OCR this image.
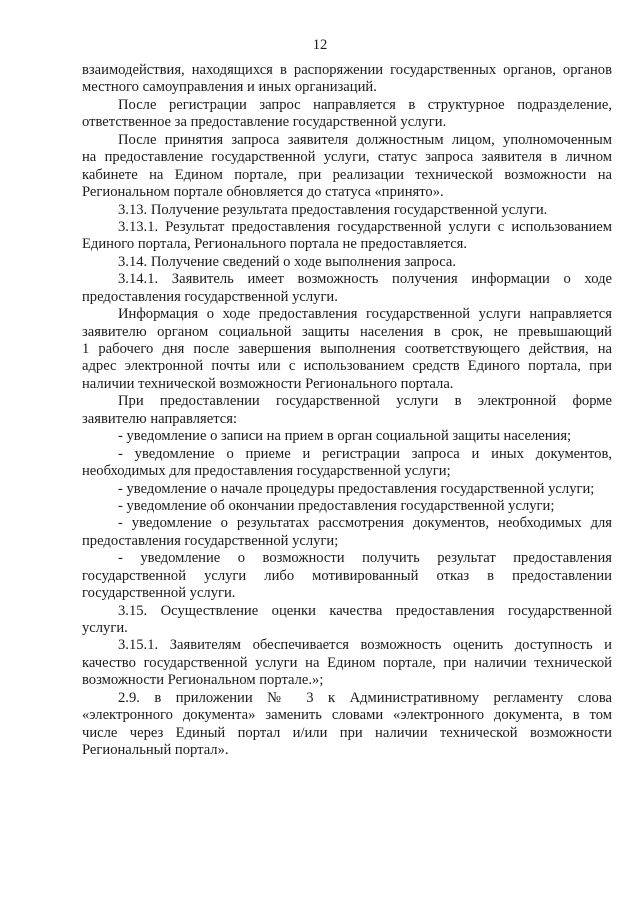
12
взаимодействия, находящихся в распоряжении государственных органов, органов
местного самоуправления и иных организаций.
После регистрации запрос направляется в структурное подразделение,
ответственное за предоставление государственной услуги.
После принятия запроса заявителя должностным лицом, уполномоченным
на предоставление государственной услуги, статус запроса заявителя в личном
кабинете на Едином портале, при реализации технической возможности на
Региональном портале обновляется до статуса «принято».
3.13. Получение результата предоставления государственной услуги.
3.13.1. Результат предоставления государственной услуги с использованием
Единого портала, Регионального портала не предоставляется.
3.14. Получение сведений о ходе выполнения запроса.
3.14.1. Заявитель имеет возможность получения информации о ходе
предоставления государственной услуги.
Информация о ходе предоставления государственной услуги направляется
заявителю органом социальной защиты населения в срок, не превышающий
1 рабочего дня после завершения выполнения соответствующего действия, на
адрес электронной почты или с использованием средств Единого портала, при
наличии технической возможности Регионального портала.
При предоставлении государственной услуги в электронной форме
заявителю направляется:
- уведомление о записи на прием в орган социальной защиты населения;
- уведомление о приеме и регистрации запроса и иных документов,
необходимых для предоставления государственной услуги;
- уведомление о начале процедуры предоставления государственной услуги;
- уведомление об окончании предоставления государственной услуги;
- уведомление о результатах рассмотрения документов, необходимых для
предоставления государственной услуги;
- уведомление о возможности получить результат предоставления
государственной услуги либо мотивированный отказ в предоставлении
государственной услуги.
3.15. Осуществление оценки качества предоставления государственной
услуги.
3.15.1. Заявителям обеспечивается возможность оценить доступность и
качество государственной услуги на Едином портале, при наличии технической
возможности Региональном портале.»;
2.9. в приложении № 3 к Административному регламенту слова
«электронного документа» заменить словами «электронного документа, в том
числе через Единый портал и/или при наличии технической возможности
Региональный портал».
